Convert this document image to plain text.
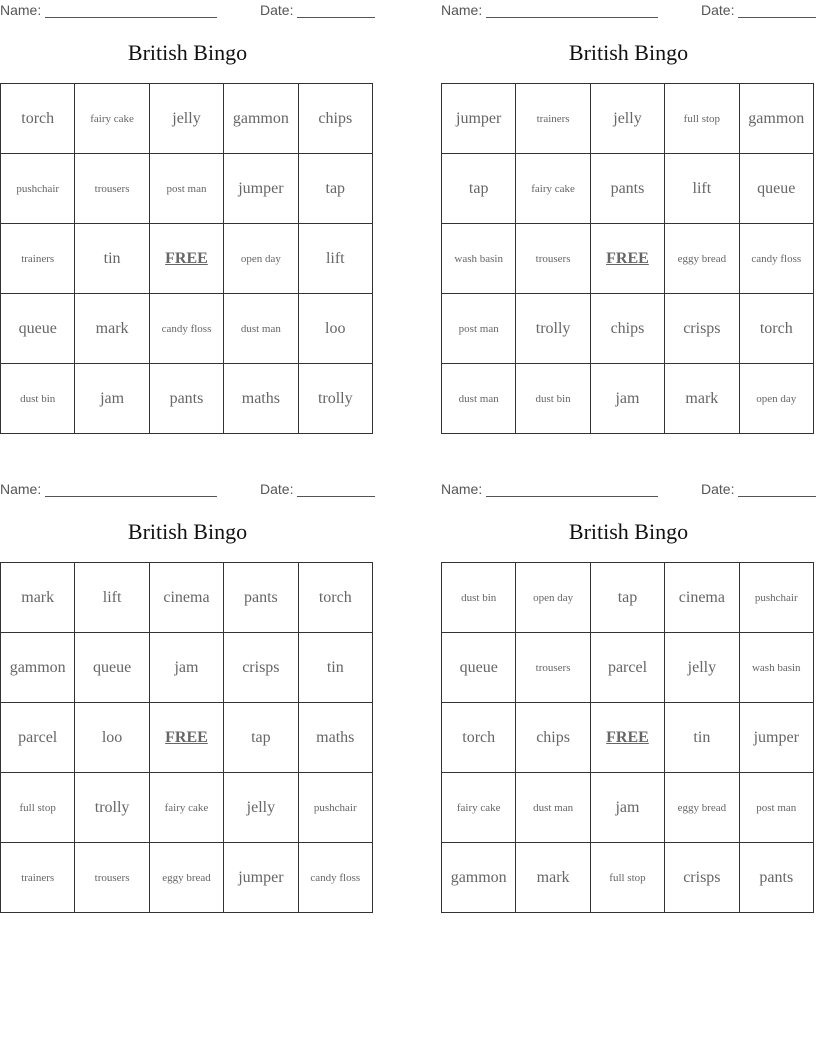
Name:	Date:
British Bingo
torch	fairy cake	jelly	gammon	chips
pushchair	trousers	post man	jumper	tap
trainers	tin	FREE	open day	lift
queue	mark	candy floss	dust man	loo
dust bin	jam	pants	maths	trolly
Name:	Date:
British Bingo
jumper	trainers	jelly	full stop	gammon
tap	fairy cake	pants	lift	queue
wash basin	trousers	FREE	eggy bread	candy floss
post man	trolly	chips	crisps	torch
dust man	dust bin	jam	mark	open day
Name:	Date:
British Bingo
mark	lift	cinema	pants	torch
gammon	queue	jam	crisps	tin
parcel	loo	FREE	tap	maths
full stop	trolly	fairy cake	jelly	pushchair
trainers	trousers	eggy bread	jumper	candy floss
Name:	Date:
British Bingo
dust bin	open day	tap	cinema	pushchair
queue	trousers	parcel	jelly	wash basin
torch	chips	FREE	tin	jumper
fairy cake	dust man	jam	eggy bread	post man
gammon	mark	full stop	crisps	pants
